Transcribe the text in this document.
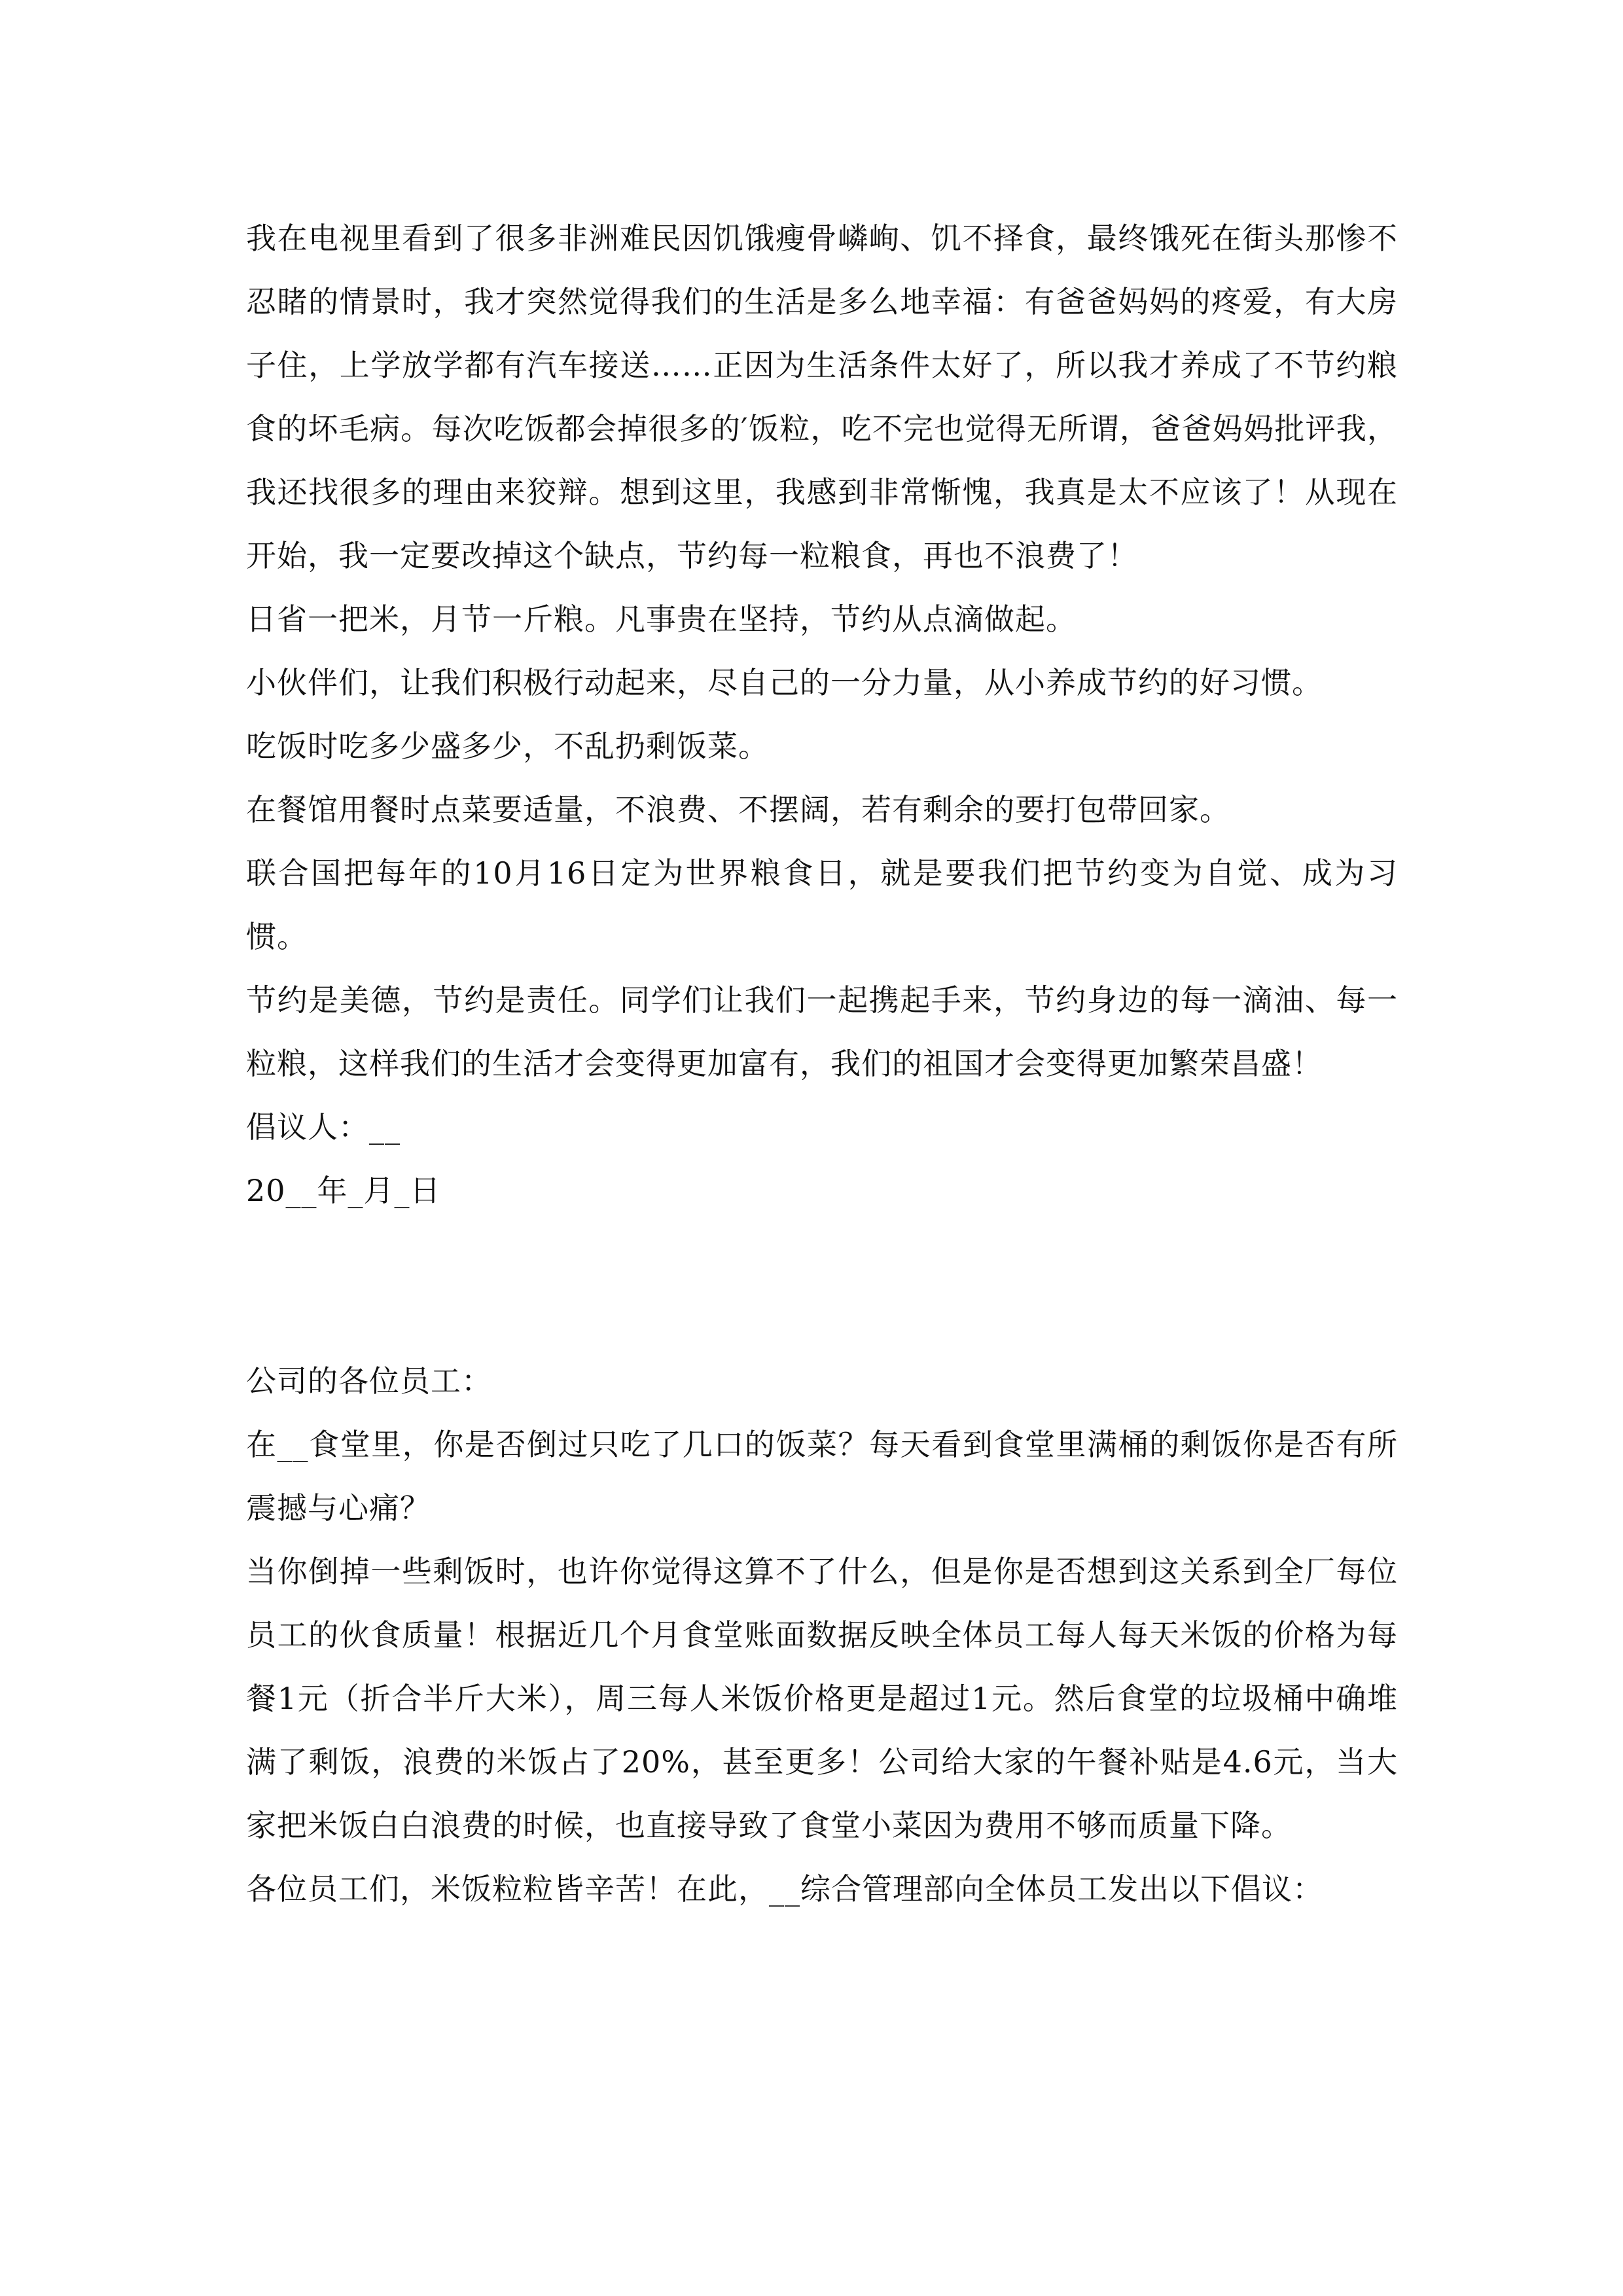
我在电视里看到了很多非洲难民因饥饿瘦骨嶙峋、饥不择食，最终饿死在街头那惨不忍睹的情景时，我才突然觉得我们的生活是多么地幸福：有爸爸妈妈的疼爱，有大房子住，上学放学都有汽车接送……正因为生活条件太好了，所以我才养成了不节约粮食的坏毛病。每次吃饭都会掉很多的′饭粒，吃不完也觉得无所谓，爸爸妈妈批评我，我还找很多的理由来狡辩。想到这里，我感到非常惭愧，我真是太不应该了！从现在开始，我一定要改掉这个缺点，节约每一粒粮食，再也不浪费了！

日省一把米，月节一斤粮。凡事贵在坚持，节约从点滴做起。

小伙伴们，让我们积极行动起来，尽自己的一分力量，从小养成节约的好习惯。

吃饭时吃多少盛多少，不乱扔剩饭菜。

在餐馆用餐时点菜要适量，不浪费、不摆阔，若有剩余的要打包带回家。

联合国把每年的10月16日定为世界粮食日，就是要我们把节约变为自觉、成为习惯。

节约是美德，节约是责任。同学们让我们一起携起手来，节约身边的每一滴油、每一粒粮，这样我们的生活才会变得更加富有，我们的祖国才会变得更加繁荣昌盛！

倡议人：__

20__年_月_日

公司的各位员工：

在__食堂里，你是否倒过只吃了几口的饭菜？每天看到食堂里满桶的剩饭你是否有所震撼与心痛？

当你倒掉一些剩饭时，也许你觉得这算不了什么，但是你是否想到这关系到全厂每位员工的伙食质量！根据近几个月食堂账面数据反映全体员工每人每天米饭的价格为每餐1元（折合半斤大米），周三每人米饭价格更是超过1元。然后食堂的垃圾桶中确堆满了剩饭，浪费的米饭占了20%，甚至更多！公司给大家的午餐补贴是4.6元，当大家把米饭白白浪费的时候，也直接导致了食堂小菜因为费用不够而质量下降。

各位员工们，米饭粒粒皆辛苦！在此，__综合管理部向全体员工发出以下倡议：
